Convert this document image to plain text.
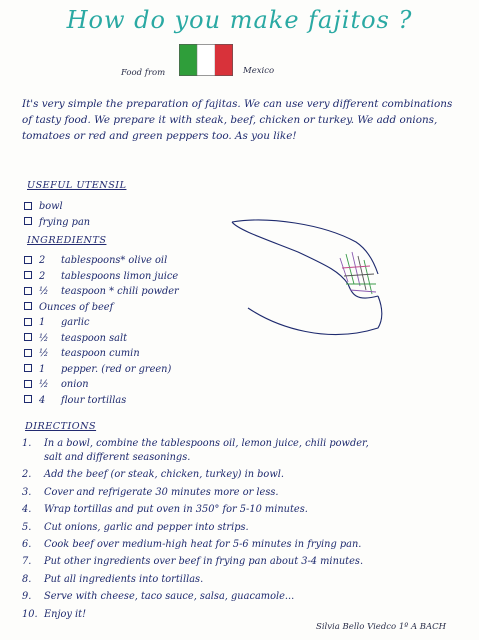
How do you make fajitos ?
Food from	Mexico
It's very simple the preparation of fajitas. We can use very different combinations of tasty food. We prepare it with steak, beef, chicken or turkey. We add onions, tomatoes or red and green peppers too. As you like!
USEFUL UTENSIL
bowl
frying pan
INGREDIENTS
2 tablespoons* olive oil
2 tablespoons limon juice
½ teaspoon * chili powder
Ounces of beef
1 garlic
½ teaspoon salt
½ teaspoon cumin
1 pepper. (red or green)
½ onion
4 flour tortillas
DIRECTIONS
1. In a bowl, combine the tablespoons oil, lemon juice, chili powder,
salt and different seasonings.
2. Add the beef (or steak, chicken, turkey) in bowl.
3. Cover and refrigerate 30 minutes more or less.
4. Wrap tortillas and put oven in 350° for 5-10 minutes.
5. Cut onions, garlic and pepper into strips.
6. Cook beef over medium-high heat for 5-6 minutes in frying pan.
7. Put other ingredients over beef in frying pan about 3-4 minutes.
8. Put all ingredients into tortillas.
9. Serve with cheese, taco sauce, salsa, guacamole...
10. Enjoy it!
Silvia Bello Viedco 1º A BACH
